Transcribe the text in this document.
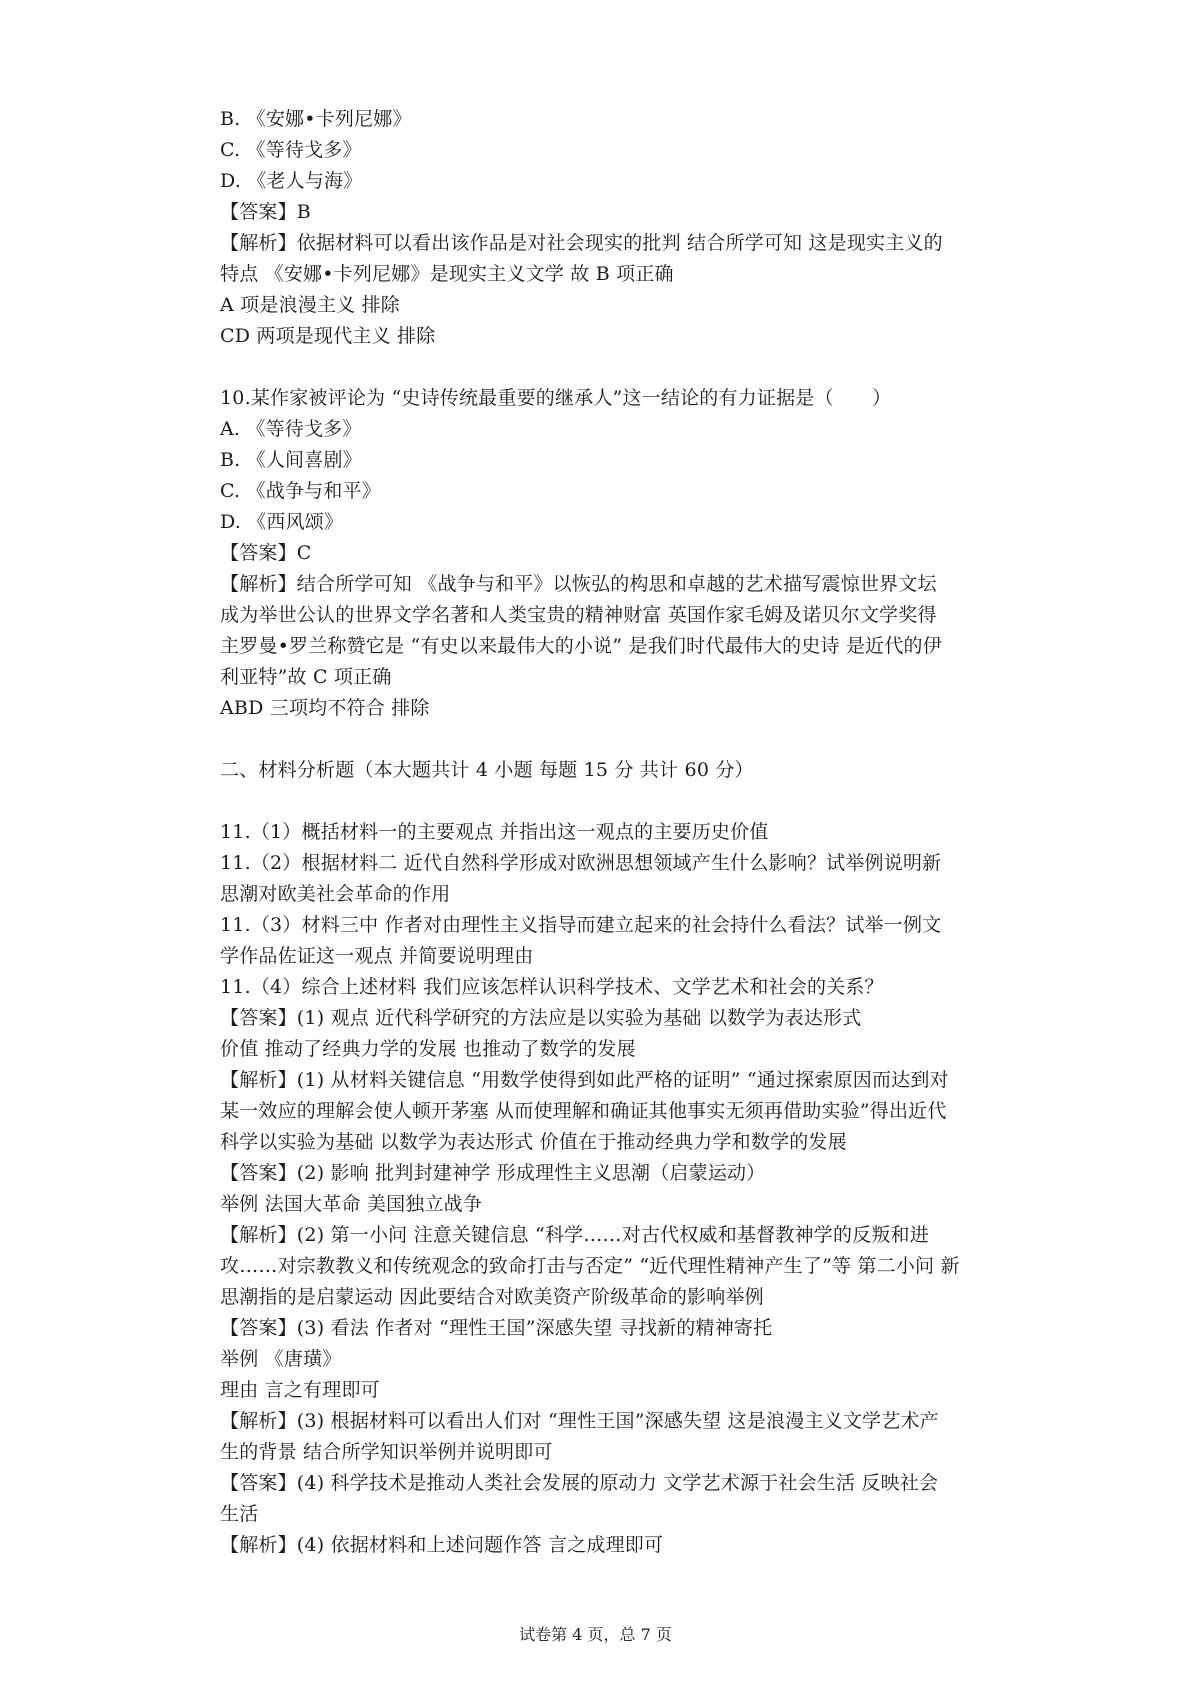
B. 《安娜•卡列尼娜》
C. 《等待戈多》
D. 《老人与海》
【答案】B
【解析】依据材料可以看出该作品是对社会现实的批判 结合所学可知 这是现实主义的
特点 《安娜•卡列尼娜》是现实主义文学 故 B 项正确
A 项是浪漫主义 排除
CD 两项是现代主义 排除
10.某作家被评论为 “史诗传统最重要的继承人”这一结论的有力证据是（　　）
A. 《等待戈多》
B. 《人间喜剧》
C. 《战争与和平》
D. 《西风颂》
【答案】C
【解析】结合所学可知 《战争与和平》以恢弘的构思和卓越的艺术描写震惊世界文坛
成为举世公认的世界文学名著和人类宝贵的精神财富 英国作家毛姆及诺贝尔文学奖得
主罗曼•罗兰称赞它是 “有史以来最伟大的小说” 是我们时代最伟大的史诗 是近代的伊
利亚特”故 C 项正确
ABD 三项均不符合 排除
二、材料分析题（本大题共计 4 小题 每题 15 分 共计 60 分）
11.（1）概括材料一的主要观点 并指出这一观点的主要历史价值
11.（2）根据材料二 近代自然科学形成对欧洲思想领域产生什么影响？试举例说明新
思潮对欧美社会革命的作用
11.（3）材料三中 作者对由理性主义指导而建立起来的社会持什么看法？试举一例文
学作品佐证这一观点 并简要说明理由
11.（4）综合上述材料 我们应该怎样认识科学技术、文学艺术和社会的关系？
【答案】(1) 观点 近代科学研究的方法应是以实验为基础 以数学为表达形式
价值 推动了经典力学的发展 也推动了数学的发展
【解析】(1) 从材料关键信息 “用数学使得到如此严格的证明” “通过探索原因而达到对
某一效应的理解会使人顿开茅塞 从而使理解和确证其他事实无须再借助实验”得出近代
科学以实验为基础 以数学为表达形式 价值在于推动经典力学和数学的发展
【答案】(2) 影响 批判封建神学 形成理性主义思潮（启蒙运动）
举例 法国大革命 美国独立战争
【解析】(2) 第一小问 注意关键信息 “科学……对古代权威和基督教神学的反叛和进
攻……对宗教教义和传统观念的致命打击与否定” “近代理性精神产生了”等 第二小问 新
思潮指的是启蒙运动 因此要结合对欧美资产阶级革命的影响举例
【答案】(3) 看法 作者对 “理性王国”深感失望 寻找新的精神寄托
举例 《唐璜》
理由 言之有理即可
【解析】(3) 根据材料可以看出人们对 “理性王国”深感失望 这是浪漫主义文学艺术产
生的背景 结合所学知识举例并说明即可
【答案】(4) 科学技术是推动人类社会发展的原动力 文学艺术源于社会生活 反映社会
生活
【解析】(4) 依据材料和上述问题作答 言之成理即可
试卷第 4 页，总 7 页
